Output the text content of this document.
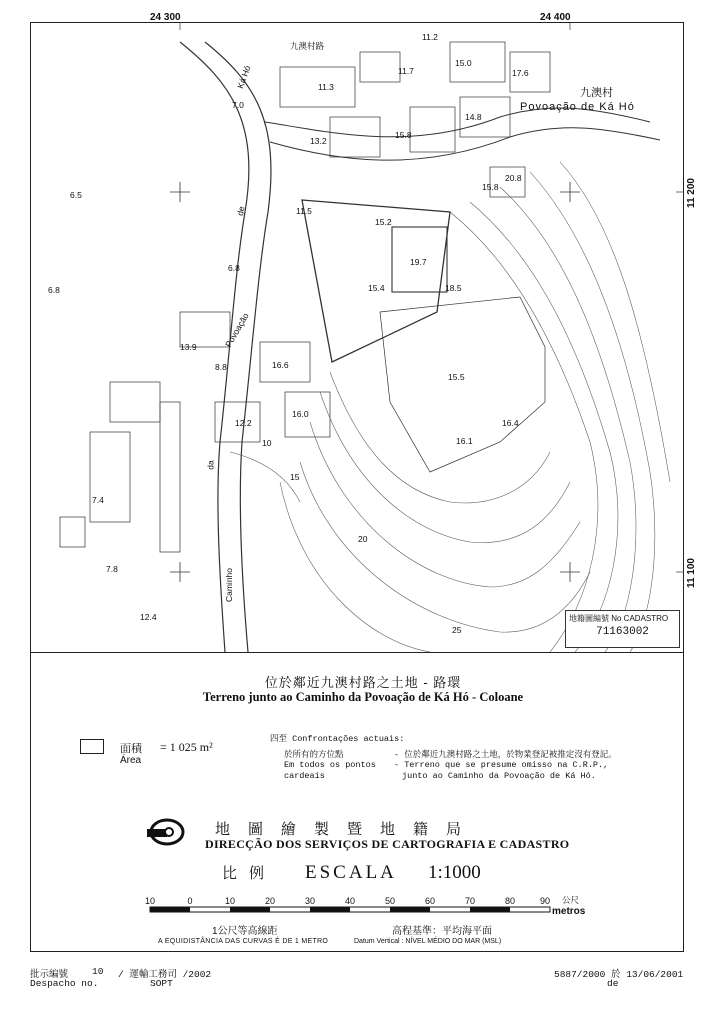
24 300	24 400
11 200
11 100
九澳村路
Ká Hó
Povoação de Ká Hó
九澳村
Povoação
Caminho
da
de
11.3
11.7
15.0
17.6
11.2
7.0
13.2
15.8
14.8
20.8
15.8
6.5
11.5
15.2
19.7
15.4	18.5
6.8
6.8
13.9
8.8	16.6
16.0
12.2
15.5
16.1
16.4
7.4
7.8
12.4
10
15
20
25
地籍圖編號 No CADASTRO
71163002
位於鄰近九澳村路之土地 - 路環
Terreno junto ao Caminho da Povoação de Ká Hó - Coloane
面積
Área
= 1 025 m²
四至 Confrontações actuais:
於所有的方位點
Em todos os pontos
cardeais
- 位於鄰近九澳村路之土地，於物業登記被推定沒有登記。
- Terreno que se presume omisso na C.R.P.,
junto ao Caminho da Povoação de Ká Hó.
地圖繪製暨地籍局
DIRECÇÃO DOS SERVIÇOS DE CARTOGRAFIA E CADASTRO
比例 ESCALA 1:1000
10	0	10	20	30	40	50	60	70	80	90 公尺
metros
1公尺等高線距
A EQUIDISTÂNCIA DAS CURVAS É DE 1 METRO
高程基準：平均海平面
Datum Vertical : NÍVEL MÉDIO DO MAR (MSL)
批示編號	10 / 運輸工務司 /2002
Despacho no.	SOPT
5887/2000 於 13/06/2001
de
